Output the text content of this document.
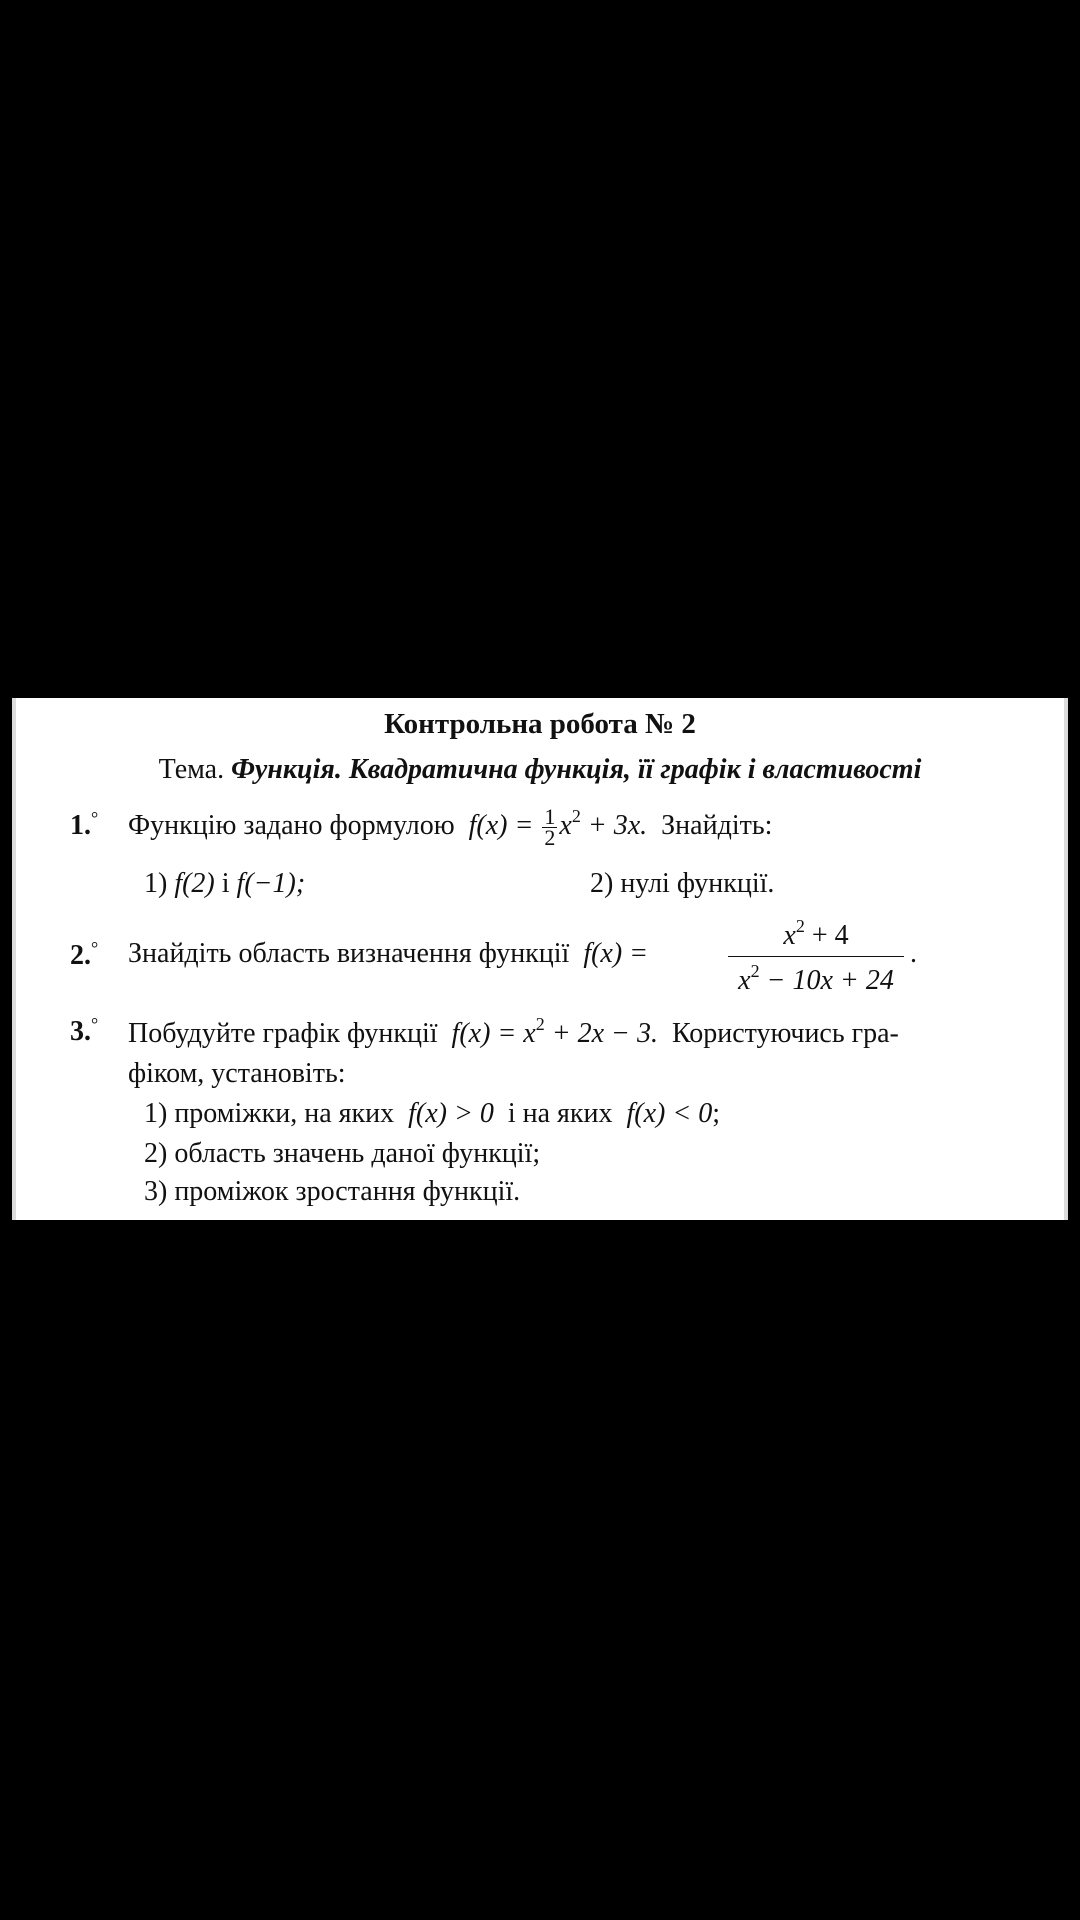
Контрольна робота № 2
Тема. Функція. Квадратична функція, її графік і властивості
1.° Функцію задано формулою $f(x) = \frac{1}{2} x^2 + 3x$. Знайдіть:
1) f(2) і f(−1);	2) нулі функції.
2.° Знайдіть область визначення функції f(x) =	$\frac{x^2 + 4}{x^2 - 10x + 24}$ .
3.° Побудуйте графік функції $f(x) = x^2 + 2x - 3$. Користуючись гра-
фіком, установіть:
1) проміжки, на яких f(x) > 0 і на яких f(x) < 0;
2) область значень даної функції;
3) проміжок зростання функції.
